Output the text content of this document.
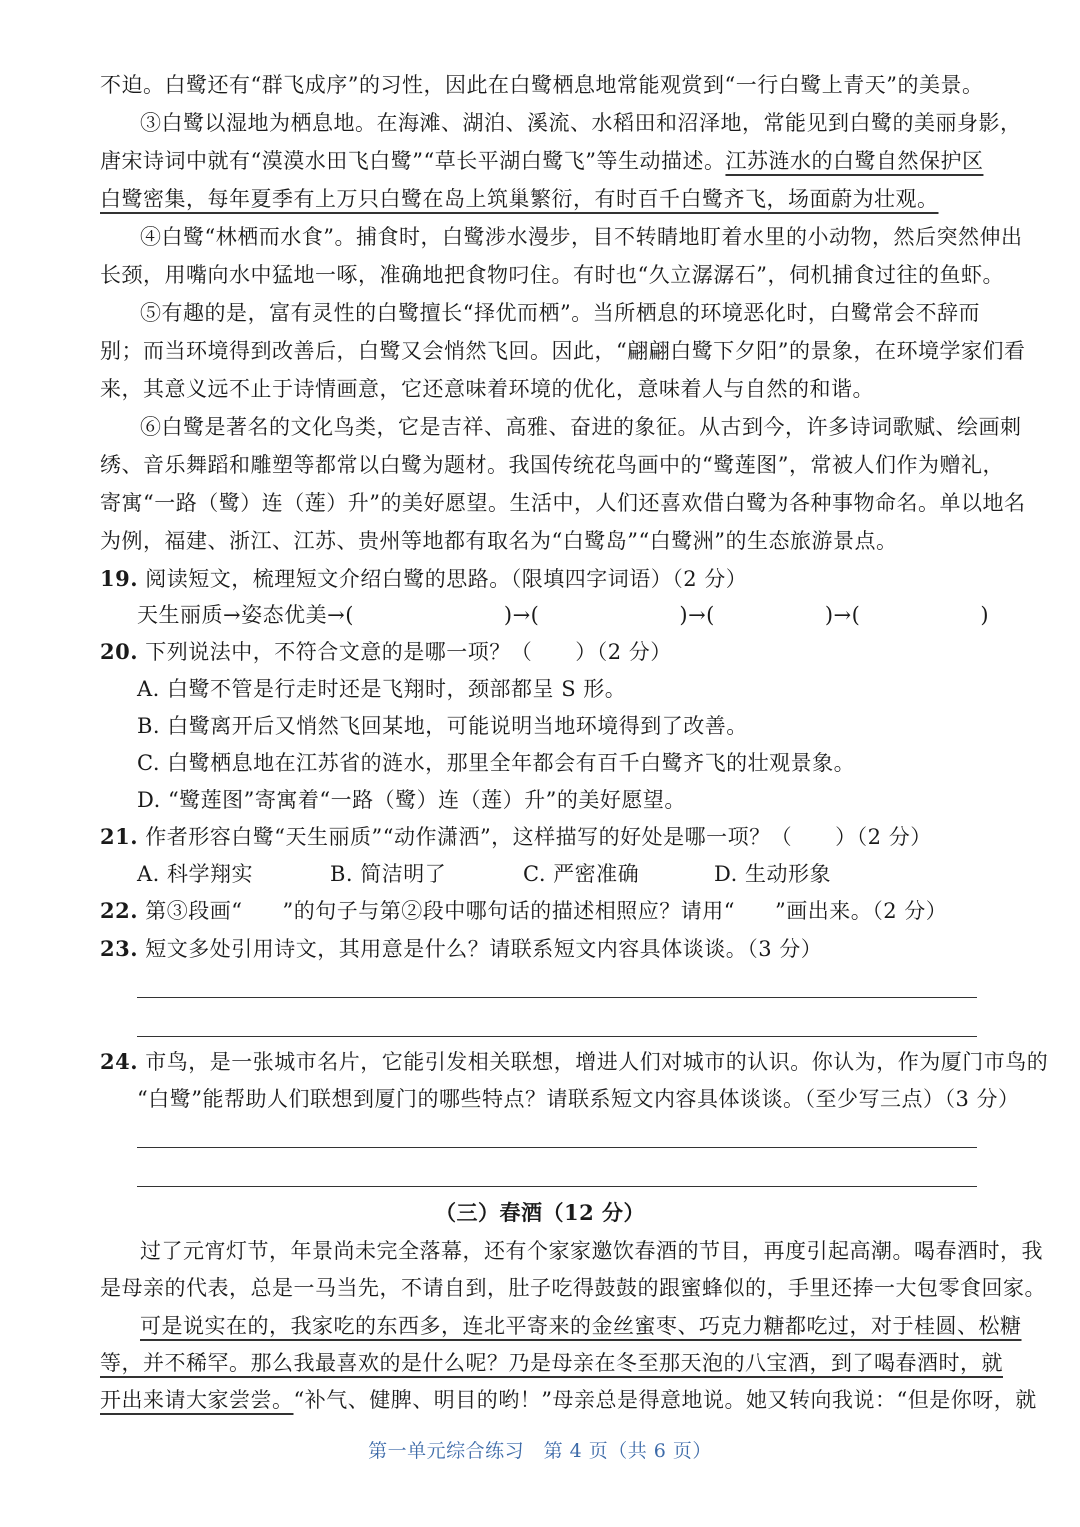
不迫。白鹭还有“群飞成序”的习性，因此在白鹭栖息地常能观赏到“一行白鹭上青天”的美景。
③白鹭以湿地为栖息地。在海滩、湖泊、溪流、水稻田和沼泽地，常能见到白鹭的美丽身影，
唐宋诗词中就有“漠漠水田飞白鹭”“草长平湖白鹭飞”等生动描述。江苏涟水的白鹭自然保护区
白鹭密集，每年夏季有上万只白鹭在岛上筑巢繁衍，有时百千白鹭齐飞，场面蔚为壮观。
④白鹭“林栖而水食”。捕食时，白鹭涉水漫步，目不转睛地盯着水里的小动物，然后突然伸出
长颈，用嘴向水中猛地一啄，准确地把食物叼住。有时也“久立潺潺石”，伺机捕食过往的鱼虾。
⑤有趣的是，富有灵性的白鹭擅长“择优而栖”。当所栖息的环境恶化时，白鹭常会不辞而
别；而当环境得到改善后，白鹭又会悄然飞回。因此，“翩翩白鹭下夕阳”的景象，在环境学家们看
来，其意义远不止于诗情画意，它还意味着环境的优化，意味着人与自然的和谐。
⑥白鹭是著名的文化鸟类，它是吉祥、高雅、奋进的象征。从古到今，许多诗词歌赋、绘画刺
绣、音乐舞蹈和雕塑等都常以白鹭为题材。我国传统花鸟画中的“鹭莲图”，常被人们作为赠礼，
寄寓“一路（鹭）连（莲）升”的美好愿望。生活中，人们还喜欢借白鹭为各种事物命名。单以地名
为例，福建、浙江、江苏、贵州等地都有取名为“白鹭岛”“白鹭洲”的生态旅游景点。
19. 阅读短文，梳理短文介绍白鹭的思路。（限填四字词语）（2 分）
天生丽质→姿态优美→(	)→(	)→(	)→(	)
20. 下列说法中，不符合文意的是哪一项？（　　）（2 分）
A. 白鹭不管是行走时还是飞翔时，颈部都呈 S 形。
B. 白鹭离开后又悄然飞回某地，可能说明当地环境得到了改善。
C. 白鹭栖息地在江苏省的涟水，那里全年都会有百千白鹭齐飞的壮观景象。
D. “鹭莲图”寄寓着“一路（鹭）连（莲）升”的美好愿望。
21. 作者形容白鹭“天生丽质”“动作潇洒”，这样描写的好处是哪一项？（　　）（2 分）
A. 科学翔实	B. 简洁明了	C. 严密准确	D. 生动形象
22. 第③段画“ ”的句子与第②段中哪句话的描述相照应？请用“ ”画出来。（2 分）
23. 短文多处引用诗文，其用意是什么？请联系短文内容具体谈谈。（3 分）
24. 市鸟，是一张城市名片，它能引发相关联想，增进人们对城市的认识。你认为，作为厦门市鸟的
“白鹭”能帮助人们联想到厦门的哪些特点？请联系短文内容具体谈谈。（至少写三点）（3 分）
（三）春酒（12 分）
过了元宵灯节，年景尚未完全落幕，还有个家家邀饮春酒的节目，再度引起高潮。喝春酒时，我
是母亲的代表，总是一马当先，不请自到，肚子吃得鼓鼓的跟蜜蜂似的，手里还捧一大包零食回家。
可是说实在的，我家吃的东西多，连北平寄来的金丝蜜枣、巧克力糖都吃过，对于桂圆、松糖
等，并不稀罕。那么我最喜欢的是什么呢？乃是母亲在冬至那天泡的八宝酒，到了喝春酒时，就
开出来请大家尝尝。“补气、健脾、明目的哟！”母亲总是得意地说。她又转向我说：“但是你呀，就
第一单元综合练习　第 4 页（共 6 页）
